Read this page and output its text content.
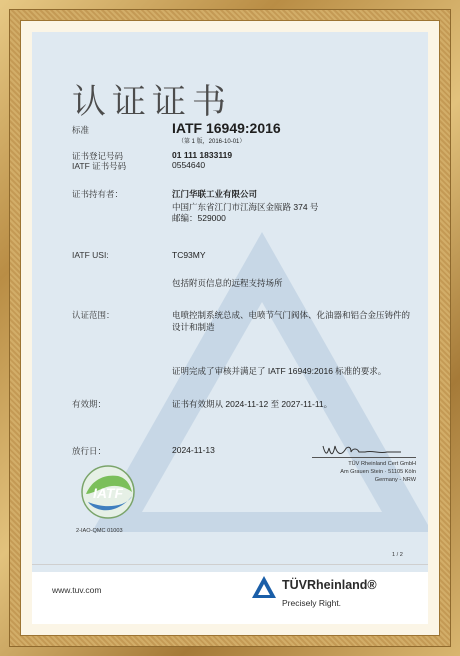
认证证书
标准	IATF 16949:2016
（第 1 版，2016-10-01）
证书登记号码	01 111 1833119
IATF 证书号码	0554640
证书持有者：	江门华联工业有限公司
中国广东省江门市江海区金瓯路 374 号
邮编：529000
IATF USI:	TC93MY
包括附页信息的远程支持场所
认证范围：	电喷控制系统总成、电喷节气门阀体、化油器和铝合金压铸件的
设计和制造
证明完成了审核并满足了 IATF 16949:2016 标准的要求。
有效期：	证书有效期从 2024-11-12 至 2027-11-11。
放行日：	2024-11-13
TÜV Rheinland Cert GmbH
Am Grauen Stein · 51105 Köln
Germany - NRW
IATF
2-IAO-QMC 01003
1 / 2
www.tuv.com	TÜVRheinland®
Precisely Right.
